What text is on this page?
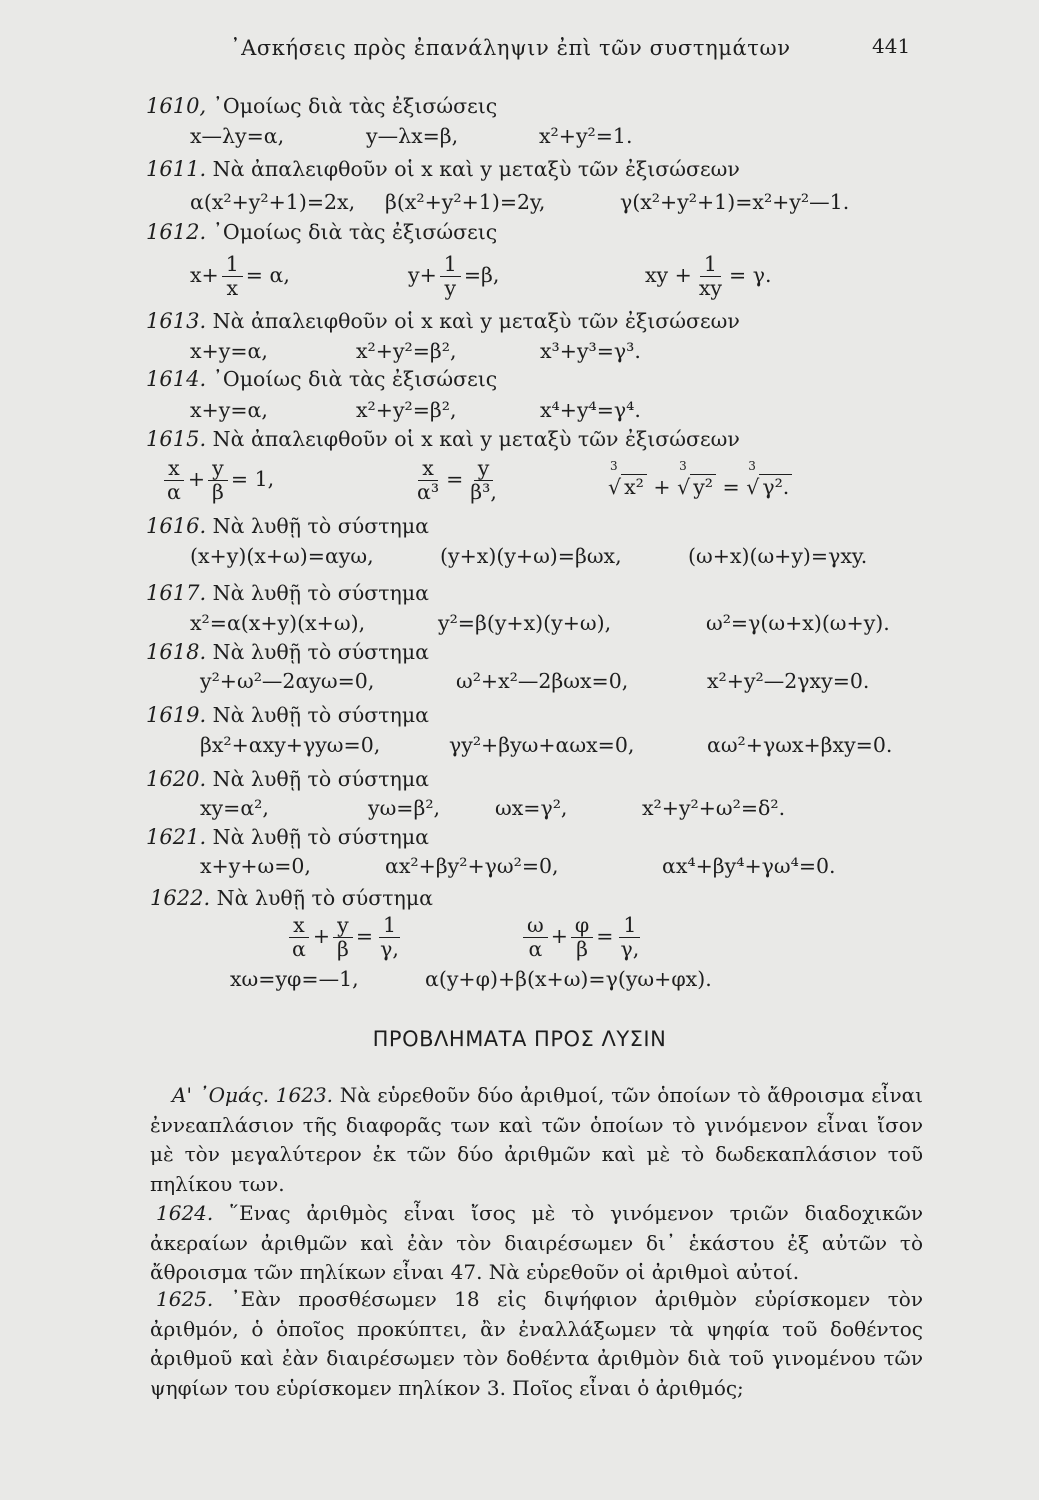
᾿Ασκήσεις πρὸς ἐπανάληψιν ἐπὶ τῶν συστημάτων	441
1610, ᾿Ομοίως διὰ τὰς ἐξισώσεις
x—λy=α,	y—λx=β,	x²+y²=1.
1611. Νὰ ἀπαλειφθοῦν οἱ x καὶ y μεταξὺ τῶν ἐξισώσεων
α(x²+y²+1)=2x, β(x²+y²+1)=2y,	γ(x²+y²+1)=x²+y²—1.
1612. ᾿Ομοίως διὰ τὰς ἐξισώσεις
$x+ \frac{1}{x} = \alpha$,	$y+ \frac{1}{y} =\beta$,	xy + $\frac{1}{xy} = \gamma$.
1613. Νὰ ἀπαλειφθοῦν οἱ x καὶ y μεταξὺ τῶν ἐξισώσεων
x+y=α,	x²+y²=β²,	x³+y³=γ³.
1614. ᾿Ομοίως διὰ τὰς ἐξισώσεις
x+y=α,	x²+y²=β²,	x⁴+y⁴=γ⁴.
1615. Νὰ ἀπαλειφθοῦν οἱ x καὶ y μεταξὺ τῶν ἐξισώσεων
$\frac{x}{\alpha} + \frac{y}{\beta} = 1$,	$\frac{x}{\text{α³}} = \frac{y}{\text{β³,}}$	3
√ x² +
3
√ y² =
3
√ γ².
1616. Νὰ λυθῇ τὸ σύστημα
(x+y)(x+ω)=αyω,	(y+x)(y+ω)=βωx,	(ω+x)(ω+y)=γxy.
1617. Νὰ λυθῇ τὸ σύστημα
x²=α(x+y)(x+ω),	y²=β(y+x)(y+ω),	ω²=γ(ω+x)(ω+y).
1618. Νὰ λυθῇ τὸ σύστημα
y²+ω²—2αyω=0,	ω²+x²—2βωx=0,	x²+y²—2γxy=0.
1619. Νὰ λυθῇ τὸ σύστημα
βx²+αxy+γyω=0,	γy²+βyω+αωx=0,	αω²+γωx+βxy=0.
1620. Νὰ λυθῇ τὸ σύστημα
xy=α²,	yω=β²,	ωx=γ²,	x²+y²+ω²=δ².
1621. Νὰ λυθῇ τὸ σύστημα
x+y+ω=0,	αx²+βy²+γω²=0,	αx⁴+βy⁴+γω⁴=0.
1622. Νὰ λυθῇ τὸ σύστημα
$\frac{x}{\alpha} + \frac{y}{\beta} = \frac{1}{\gamma,}$	$\frac{\omega}{\alpha} + \frac{\varphi}{\beta} = \frac{1}{\gamma,}$
xω=yφ=—1,	α(y+φ)+β(x+ω)=γ(yω+φx).
ΠΡΟΒΛΗΜΑΤΑ ΠΡΟΣ ΛΥΣΙΝ
Α' ᾿Ομάς. 1623. Νὰ εὑρεθοῦν δύο ἀριθμοί, τῶν ὁποίων τὸ ἄθροισμα εἶναι ἐννεαπλάσιον τῆς διαφορᾶς των καὶ τῶν ὁποίων τὸ γινόμενον εἶναι ἴσον μὲ τὸν μεγαλύτερον ἐκ τῶν δύο ἀριθμῶν καὶ μὲ τὸ δωδεκαπλάσιον τοῦ πηλίκου των.
1624. ῞Ενας ἀριθμὸς εἶναι ἴσος μὲ τὸ γινόμενον τριῶν διαδοχικῶν ἀκεραίων ἀριθμῶν καὶ ἐὰν τὸν διαιρέσωμεν δι᾿ ἑκάστου ἐξ αὐτῶν τὸ ἄθροισμα τῶν πηλίκων εἶναι 47. Νὰ εὑρεθοῦν οἱ ἀριθμοὶ αὐτοί.
1625. ᾿Εὰν προσθέσωμεν 18 εἰς διψήφιον ἀριθμὸν εὑρίσκομεν τὸν ἀριθμόν, ὁ ὁποῖος προκύπτει, ἂν ἐναλλάξωμεν τὰ ψηφία τοῦ δοθέντος ἀριθμοῦ καὶ ἐὰν διαιρέσωμεν τὸν δοθέντα ἀριθμὸν διὰ τοῦ γινομένου τῶν ψηφίων του εὑρίσκομεν πηλίκον 3. Ποῖος εἶναι ὁ ἀριθμός;
